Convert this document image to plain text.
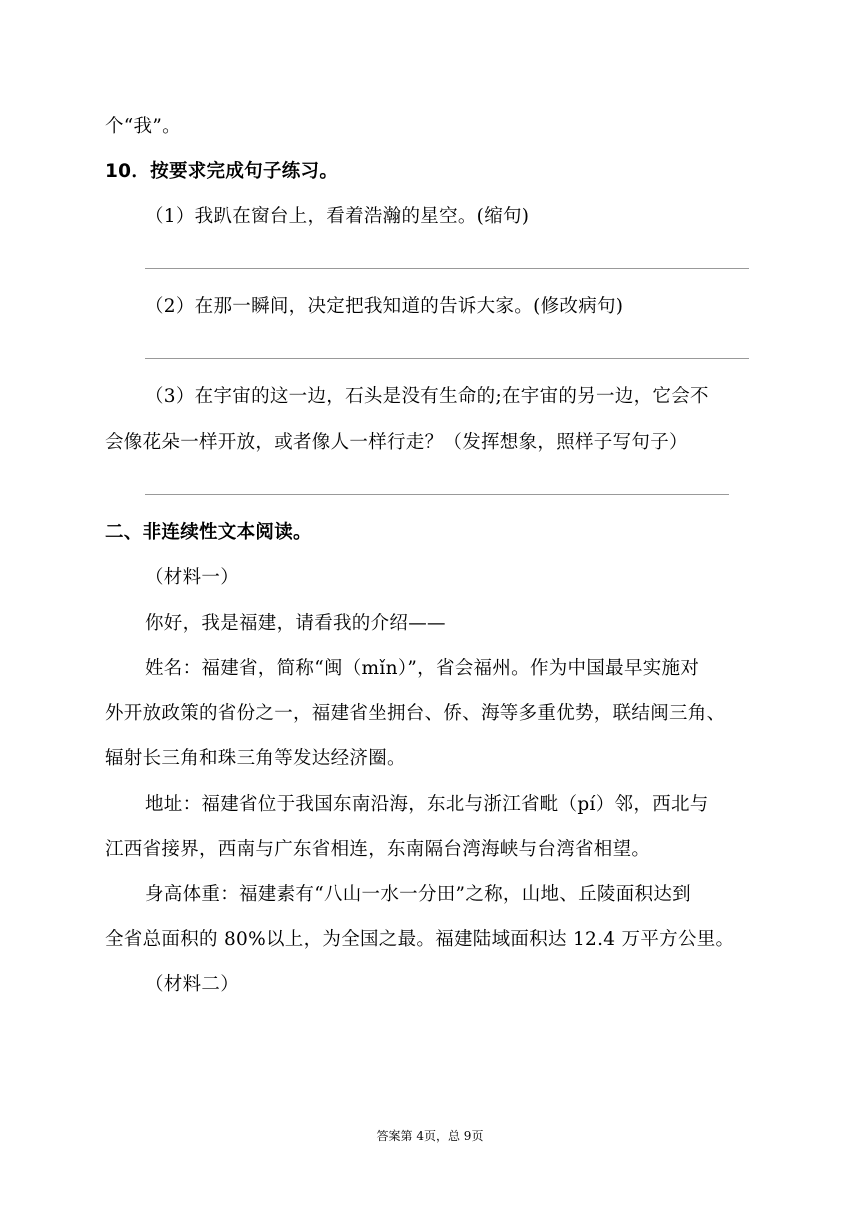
个“我”。
10．按要求完成句子练习。
（1）我趴在窗台上，看着浩瀚的星空。(缩句)
（2）在那一瞬间，决定把我知道的告诉大家。(修改病句)
（3）在宇宙的这一边，石头是没有生命的;在宇宙的另一边，它会不
会像花朵一样开放，或者像人一样行走？（发挥想象，照样子写句子）
二、非连续性文本阅读。
（材料一）
你好，我是福建，请看我的介绍——
姓名：福建省，简称“闽（mǐn）”，省会福州。作为中国最早实施对
外开放政策的省份之一，福建省坐拥台、侨、海等多重优势，联结闽三角、
辐射长三角和珠三角等发达经济圈。
地址：福建省位于我国东南沿海，东北与浙江省毗（pí）邻，西北与
江西省接界，西南与广东省相连，东南隔台湾海峡与台湾省相望。
身高体重：福建素有“八山一水一分田”之称，山地、丘陵面积达到
全省总面积的 80%以上，为全国之最。福建陆域面积达 12.4 万平方公里。
（材料二）
答案第 4页，总 9页
